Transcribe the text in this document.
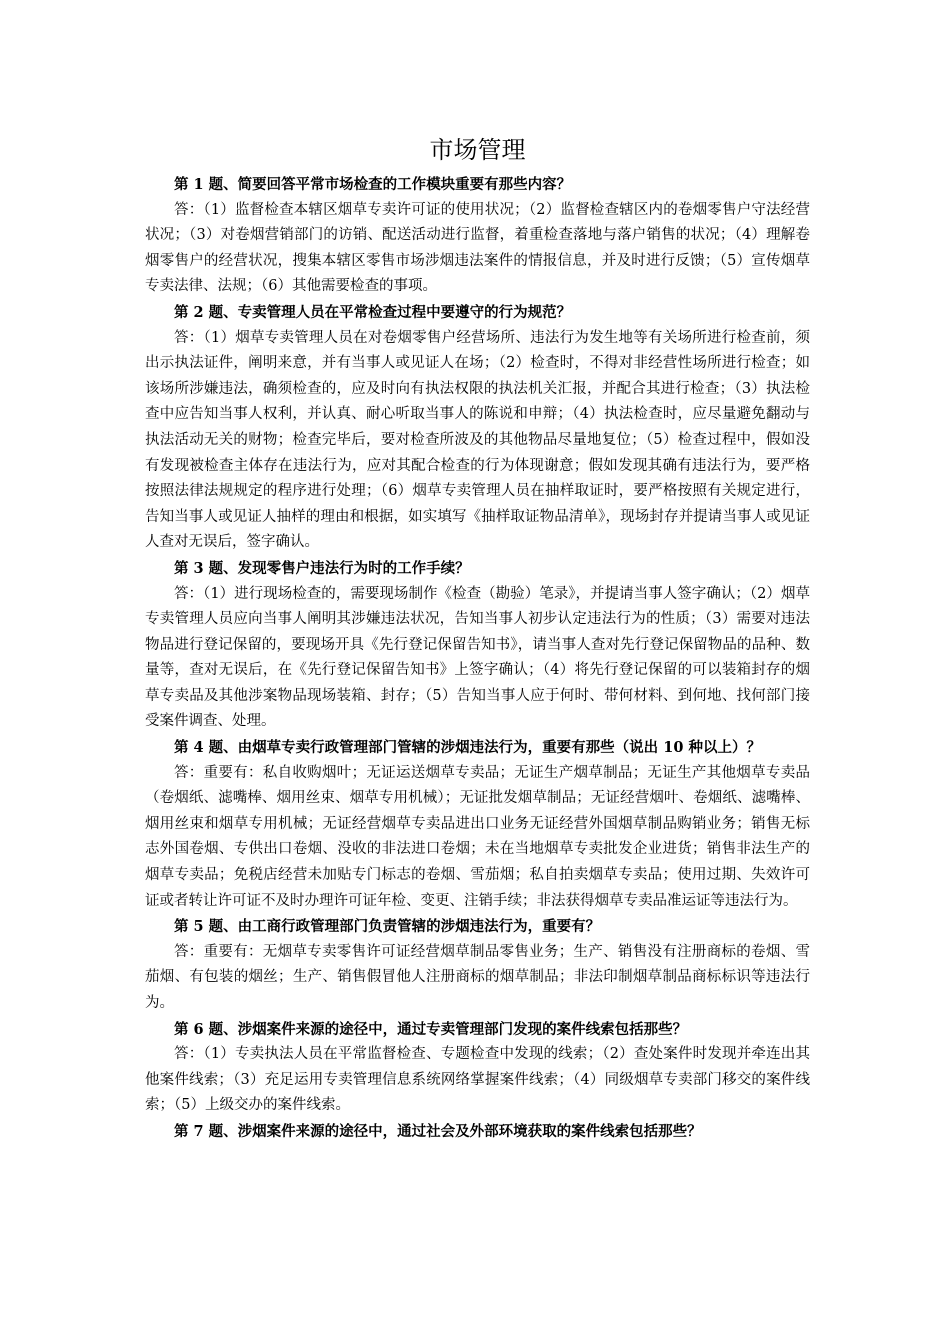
市场管理

第 1 题、简要回答平常市场检查的工作模块重要有那些内容？

答：（1）监督检查本辖区烟草专卖许可证的使用状况；（2）监督检查辖区内的卷烟零售户守法经营状况；（3）对卷烟营销部门的访销、配送活动进行监督，着重检查落地与落户销售的状况；（4）理解卷烟零售户的经营状况，搜集本辖区零售市场涉烟违法案件的情报信息，并及时进行反馈；（5）宣传烟草专卖法律、法规；（6）其他需要检查的事项。

第 2 题、专卖管理人员在平常检查过程中要遵守的行为规范？

答：（1）烟草专卖管理人员在对卷烟零售户经营场所、违法行为发生地等有关场所进行检查前，须出示执法证件，阐明来意，并有当事人或见证人在场；（2）检查时，不得对非经营性场所进行检查；如该场所涉嫌违法，确须检查的，应及时向有执法权限的执法机关汇报，并配合其进行检查；（3）执法检查中应告知当事人权利，并认真、耐心听取当事人的陈说和申辩；（4）执法检查时，应尽量避免翻动与执法活动无关的财物；检查完毕后，要对检查所波及的其他物品尽量地复位；（5）检查过程中，假如没有发现被检查主体存在违法行为，应对其配合检查的行为体现谢意；假如发现其确有违法行为，要严格按照法律法规规定的程序进行处理；（6）烟草专卖管理人员在抽样取证时，要严格按照有关规定进行，告知当事人或见证人抽样的理由和根据，如实填写《抽样取证物品清单》，现场封存并提请当事人或见证人查对无误后，签字确认。

第 3 题、发现零售户违法行为时的工作手续？

答：（1）进行现场检查的，需要现场制作《检查（勘验）笔录》，并提请当事人签字确认；（2）烟草专卖管理人员应向当事人阐明其涉嫌违法状况，告知当事人初步认定违法行为的性质；（3）需要对违法物品进行登记保留的，要现场开具《先行登记保留告知书》，请当事人查对先行登记保留物品的品种、数量等，查对无误后，在《先行登记保留告知书》上签字确认；（4）将先行登记保留的可以装箱封存的烟草专卖品及其他涉案物品现场装箱、封存；（5）告知当事人应于何时、带何材料、到何地、找何部门接受案件调查、处理。

第 4 题、由烟草专卖行政管理部门管辖的涉烟违法行为，重要有那些（说出 10 种以上）？

答：重要有：私自收购烟叶；无证运送烟草专卖品；无证生产烟草制品；无证生产其他烟草专卖品（卷烟纸、滤嘴棒、烟用丝束、烟草专用机械）；无证批发烟草制品；无证经营烟叶、卷烟纸、滤嘴棒、烟用丝束和烟草专用机械；无证经营烟草专卖品进出口业务无证经营外国烟草制品购销业务；销售无标志外国卷烟、专供出口卷烟、没收的非法进口卷烟；未在当地烟草专卖批发企业进货；销售非法生产的烟草专卖品；免税店经营未加贴专门标志的卷烟、雪茄烟；私自拍卖烟草专卖品；使用过期、失效许可证或者转让许可证不及时办理许可证年检、变更、注销手续；非法获得烟草专卖品准运证等违法行为。

第 5 题、由工商行政管理部门负责管辖的涉烟违法行为，重要有？

答：重要有：无烟草专卖零售许可证经营烟草制品零售业务；生产、销售没有注册商标的卷烟、雪茄烟、有包装的烟丝；生产、销售假冒他人注册商标的烟草制品；非法印制烟草制品商标标识等违法行为。

第 6 题、涉烟案件来源的途径中，通过专卖管理部门发现的案件线索包括那些？

答：（1）专卖执法人员在平常监督检查、专题检查中发现的线索；（2）查处案件时发现并牵连出其他案件线索；（3）充足运用专卖管理信息系统网络掌握案件线索；（4）同级烟草专卖部门移交的案件线索；（5）上级交办的案件线索。

第 7 题、涉烟案件来源的途径中，通过社会及外部环境获取的案件线索包括那些？
